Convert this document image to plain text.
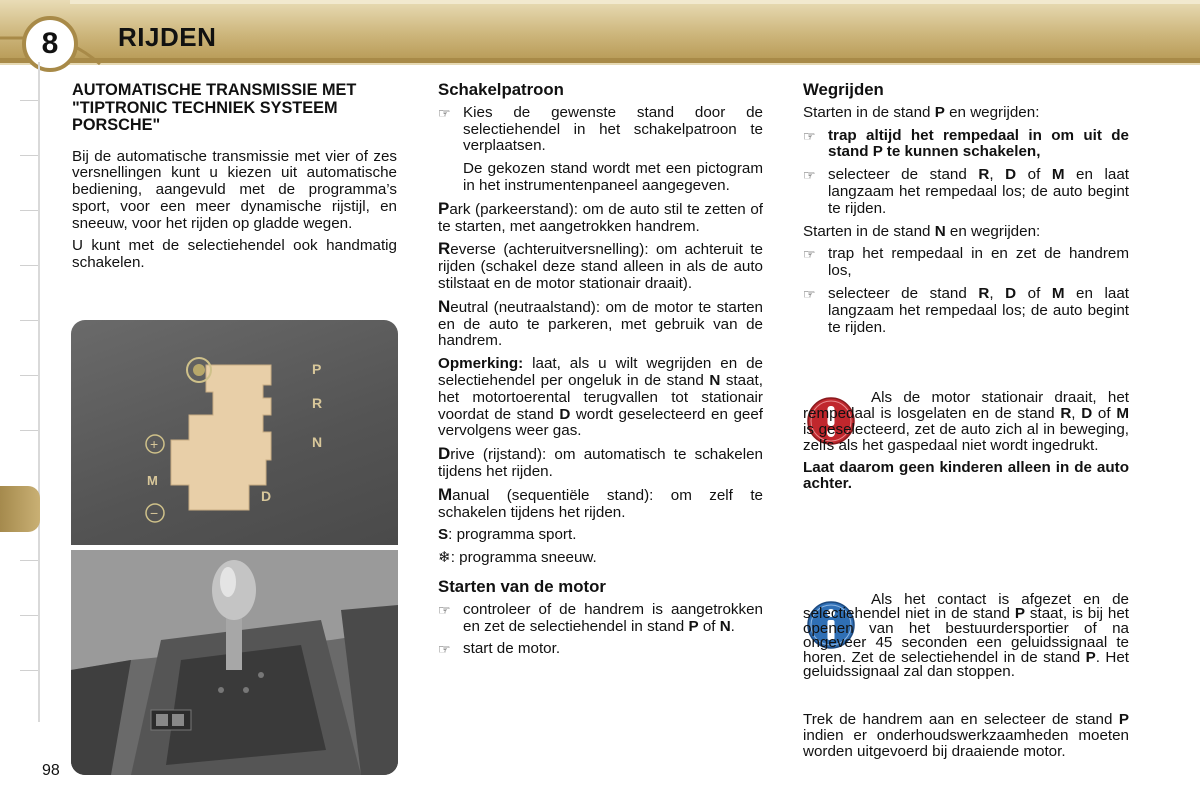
8 RIJDEN
98
AUTOMATISCHE TRANSMISSIE MET "TIPTRONIC TECHNIEK SYSTEEM PORSCHE"

Bij de automatische transmissie met vier of zes versnellingen kunt u kiezen uit automatische bediening, aangevuld met de programma’s sport, voor een meer dynamische rijstijl, en sneeuw, voor het rijden op gladde wegen.

U kunt met de selectiehendel ook handmatig schakelen.

P
R
N
D
M
+
−
Schakelpatroon
☞ Kies de gewenste stand door de selectiehendel in het schakelpatroon te verplaatsen.
De gekozen stand wordt met een pictogram in het instrumentenpaneel aangegeven.

Park (parkeerstand): om de auto stil te zetten of te starten, met aangetrokken handrem.

Reverse (achteruitversnelling): om achteruit te rijden (schakel deze stand alleen in als de auto stilstaat en de motor stationair draait).

Neutral (neutraalstand): om de motor te starten en de auto te parkeren, met gebruik van de handrem.

Opmerking: laat, als u wilt wegrijden en de selectiehendel per ongeluk in de stand N staat, het motortoerental terugvallen tot stationair voordat de stand D wordt geselecteerd en geef vervolgens weer gas.

Drive (rijstand): om automatisch te schakelen tijdens het rijden.

Manual (sequentiële stand): om zelf te schakelen tijdens het rijden.

S: programma sport.

❄: programma sneeuw.

Starten van de motor
☞ controleer of de handrem is aangetrokken en zet de selectiehendel in stand P of N.
☞ start de motor.
Wegrijden

Starten in de stand P en wegrijden:

☞ trap altijd het rempedaal in om uit de stand P te kunnen schakelen,
☞ selecteer de stand R, D of M en laat langzaam het rempedaal los; de auto begint te rijden.

Starten in de stand N en wegrijden:

☞ trap het rempedaal in en zet de handrem los,
☞ selecteer de stand R, D of M en laat langzaam het rempedaal los; de auto begint te rijden.

Als de motor stationair draait, het rempedaal is losgelaten en de stand R, D of M is geselecteerd, zet de auto zich al in beweging, zelfs als het gaspedaal niet wordt ingedrukt.

Laat daarom geen kinderen alleen in de auto achter.

Als het contact is afgezet en de selectiehendel niet in de stand P staat, is bij het openen van het bestuurdersportier of na ongeveer 45 seconden een geluidssignaal te horen. Zet de selectiehendel in de stand P. Het geluidssignaal zal dan stoppen.

Trek de handrem aan en selecteer de stand P indien er onderhoudswerkzaamheden moeten worden uitgevoerd bij draaiende motor.
